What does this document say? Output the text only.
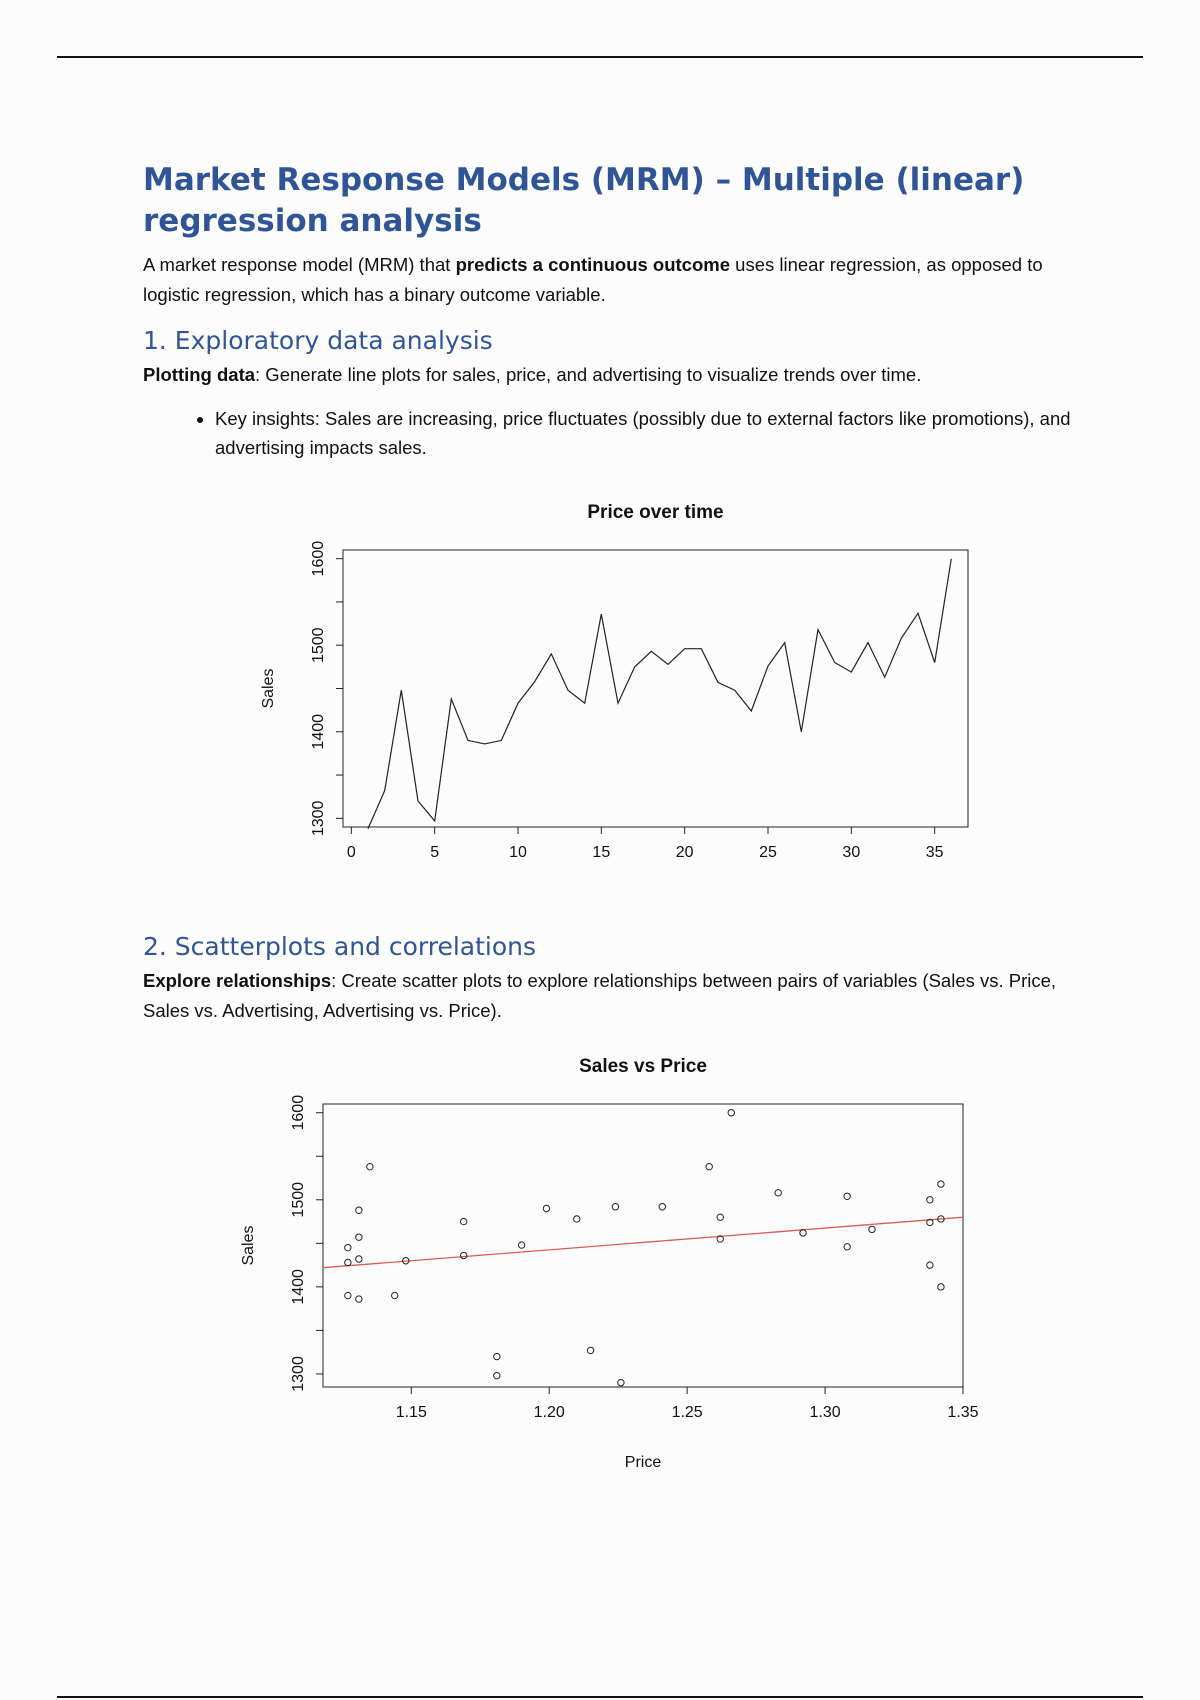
Market Response Models (MRM) – Multiple (linear) regression analysis

A market response model (MRM) that predicts a continuous outcome uses linear regression, as opposed to logistic regression, which has a binary outcome variable.

1. Exploratory data analysis

Plotting data: Generate line plots for sales, price, and advertising to visualize trends over time.

• Key insights: Sales are increasing, price fluctuates (possibly due to external factors like promotions), and advertising impacts sales.
Price over time
0	5	10	15	20	25	30	35
1300
1400
1500
1600
Sales
2. Scatterplots and correlations

Explore relationships: Create scatter plots to explore relationships between pairs of variables (Sales vs. Price, Sales vs. Advertising, Advertising vs. Price).

Sales vs Price
1.15	1.20	1.25	1.30	1.35
1300
1400
1500
1600
Sales
Price
